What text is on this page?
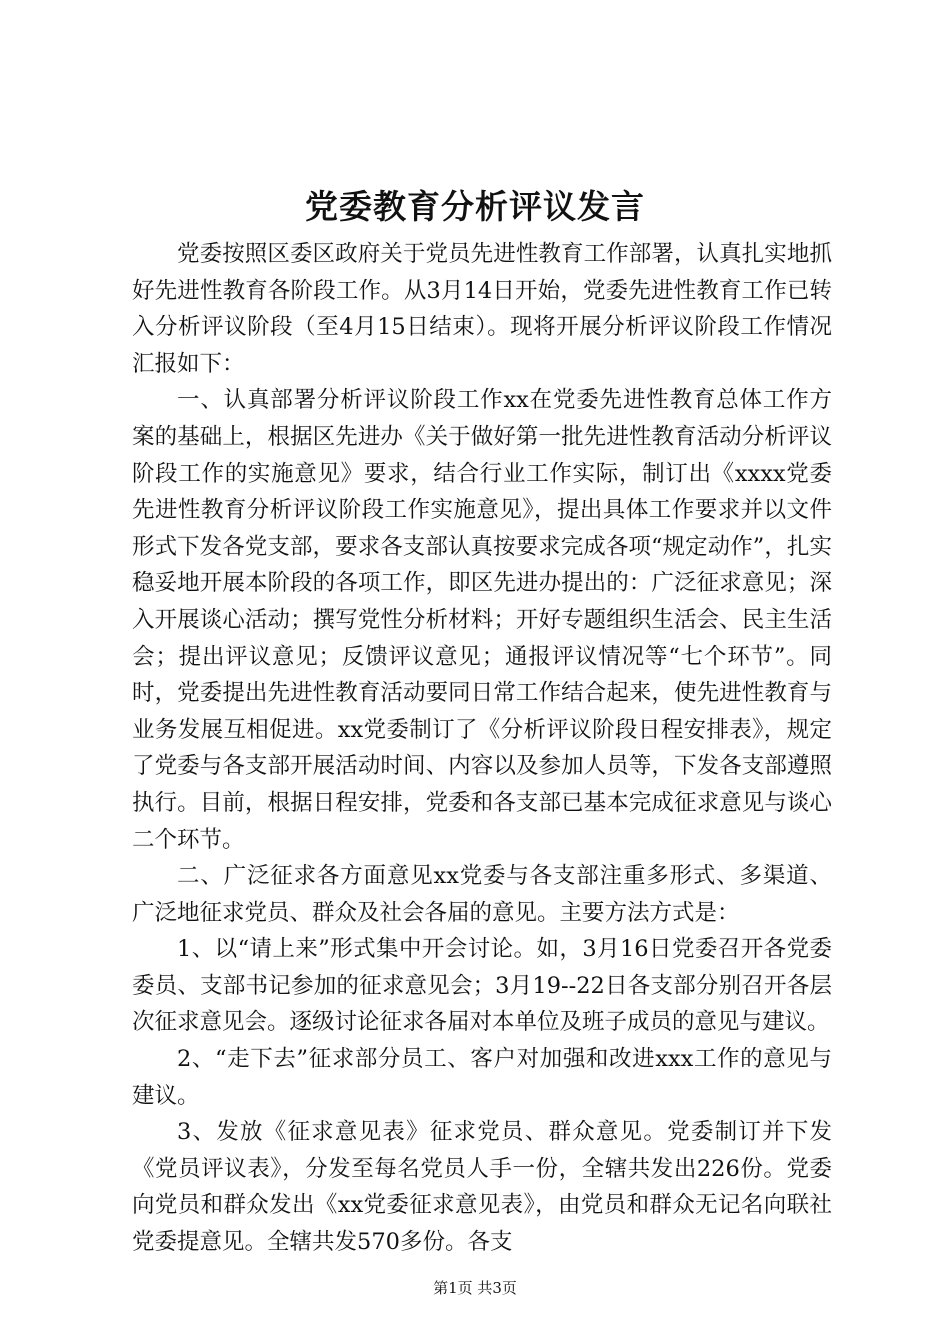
党委教育分析评议发言

党委按照区委区政府关于党员先进性教育工作部署，认真扎实地抓好先进性教育各阶段工作。从3月14日开始，党委先进性教育工作已转入分析评议阶段（至4月15日结束）。现将开展分析评议阶段工作情况汇报如下：

一、认真部署分析评议阶段工作xx在党委先进性教育总体工作方案的基础上，根据区先进办《关于做好第一批先进性教育活动分析评议阶段工作的实施意见》要求，结合行业工作实际，制订出《xxxx党委先进性教育分析评议阶段工作实施意见》，提出具体工作要求并以文件形式下发各党支部，要求各支部认真按要求完成各项“规定动作”，扎实稳妥地开展本阶段的各项工作，即区先进办提出的：广泛征求意见；深入开展谈心活动；撰写党性分析材料；开好专题组织生活会、民主生活会；提出评议意见；反馈评议意见；通报评议情况等“七个环节”。同时，党委提出先进性教育活动要同日常工作结合起来，使先进性教育与业务发展互相促进。xx党委制订了《分析评议阶段日程安排表》，规定了党委与各支部开展活动时间、内容以及参加人员等，下发各支部遵照执行。目前，根据日程安排，党委和各支部已基本完成征求意见与谈心二个环节。

二、广泛征求各方面意见xx党委与各支部注重多形式、多渠道、广泛地征求党员、群众及社会各届的意见。主要方法方式是：

1、以“请上来”形式集中开会讨论。如，3月16日党委召开各党委委员、支部书记参加的征求意见会；3月19--22日各支部分别召开各层次征求意见会。逐级讨论征求各届对本单位及班子成员的意见与建议。

2、“走下去”征求部分员工、客户对加强和改进xxx工作的意见与建议。

3、发放《征求意见表》征求党员、群众意见。党委制订并下发《党员评议表》，分发至每名党员人手一份，全辖共发出226份。党委向党员和群众发出《xx党委征求意见表》，由党员和群众无记名向联社党委提意见。全辖共发570多份。各支

第1页 共3页
